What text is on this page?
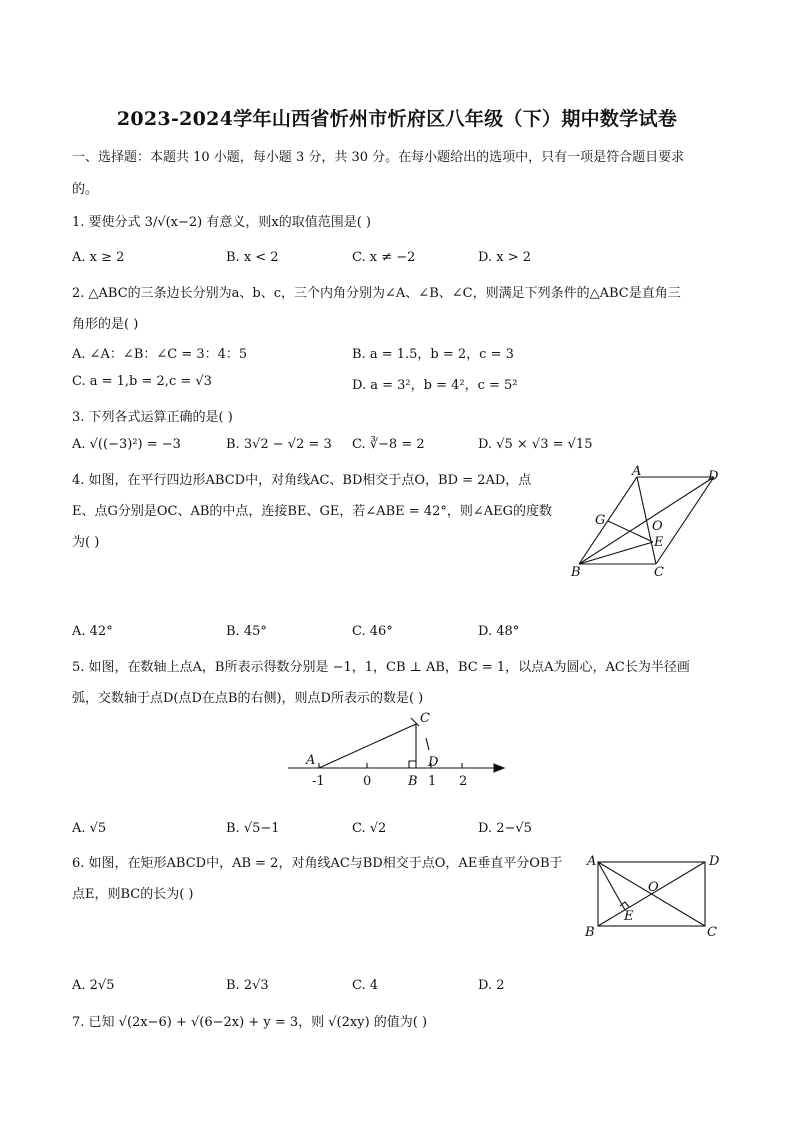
2023-2024学年山西省忻州市忻府区八年级（下）期中数学试卷
一、选择题：本题共 10 小题，每小题 3 分，共 30 分。在每小题给出的选项中，只有一项是符合题目要求
的。
1. 要使分式 3/√(x−2) 有意义，则x的取值范围是( )
A. x ≥ 2	B. x < 2	C. x ≠ −2	D. x > 2
2. △ABC的三条边长分别为a、b、c，三个内角分别为∠A、∠B、∠C，则满足下列条件的△ABC是直角三
角形的是( )
A. ∠A：∠B：∠C = 3：4：5	B. a = 1.5，b = 2，c = 3
C. a = 1,b = 2,c = √3	D. a = 3²，b = 4²，c = 5²
3. 下列各式运算正确的是( )
A. √((−3)²) = −3	B. 3√2 − √2 = 3 C. ∛−8 = 2	D. √5 × √3 = √15
4. 如图，在平行四边形ABCD中，对角线AC、BD相交于点O，BD = 2AD，点
E、点G分别是OC、AB的中点，连接BE、GE，若∠ABE = 42°，则∠AEG的度数
为( )
A	D
G	O
E
B	C
A. 42°	B. 45°	C. 46°	D. 48°
5. 如图，在数轴上点A，B所表示得数分别是 −1，1，CB ⊥ AB，BC = 1，以点A为圆心，AC长为半径画
弧，交数轴于点D(点D在点B的右侧)，则点D所表示的数是( )
C
A	D
-1	0	B 1 2
A. √5	B. √5−1	C. √2	D. 2−√5
6. 如图，在矩形ABCD中，AB = 2，对角线AC与BD相交于点O，AE垂直平分OB于
点E，则BC的长为( )
A	D
O
E
B	C
A. 2√5	B. 2√3	C. 4	D. 2
7. 已知 √(2x−6) + √(6−2x) + y = 3，则 √(2xy) 的值为( )
